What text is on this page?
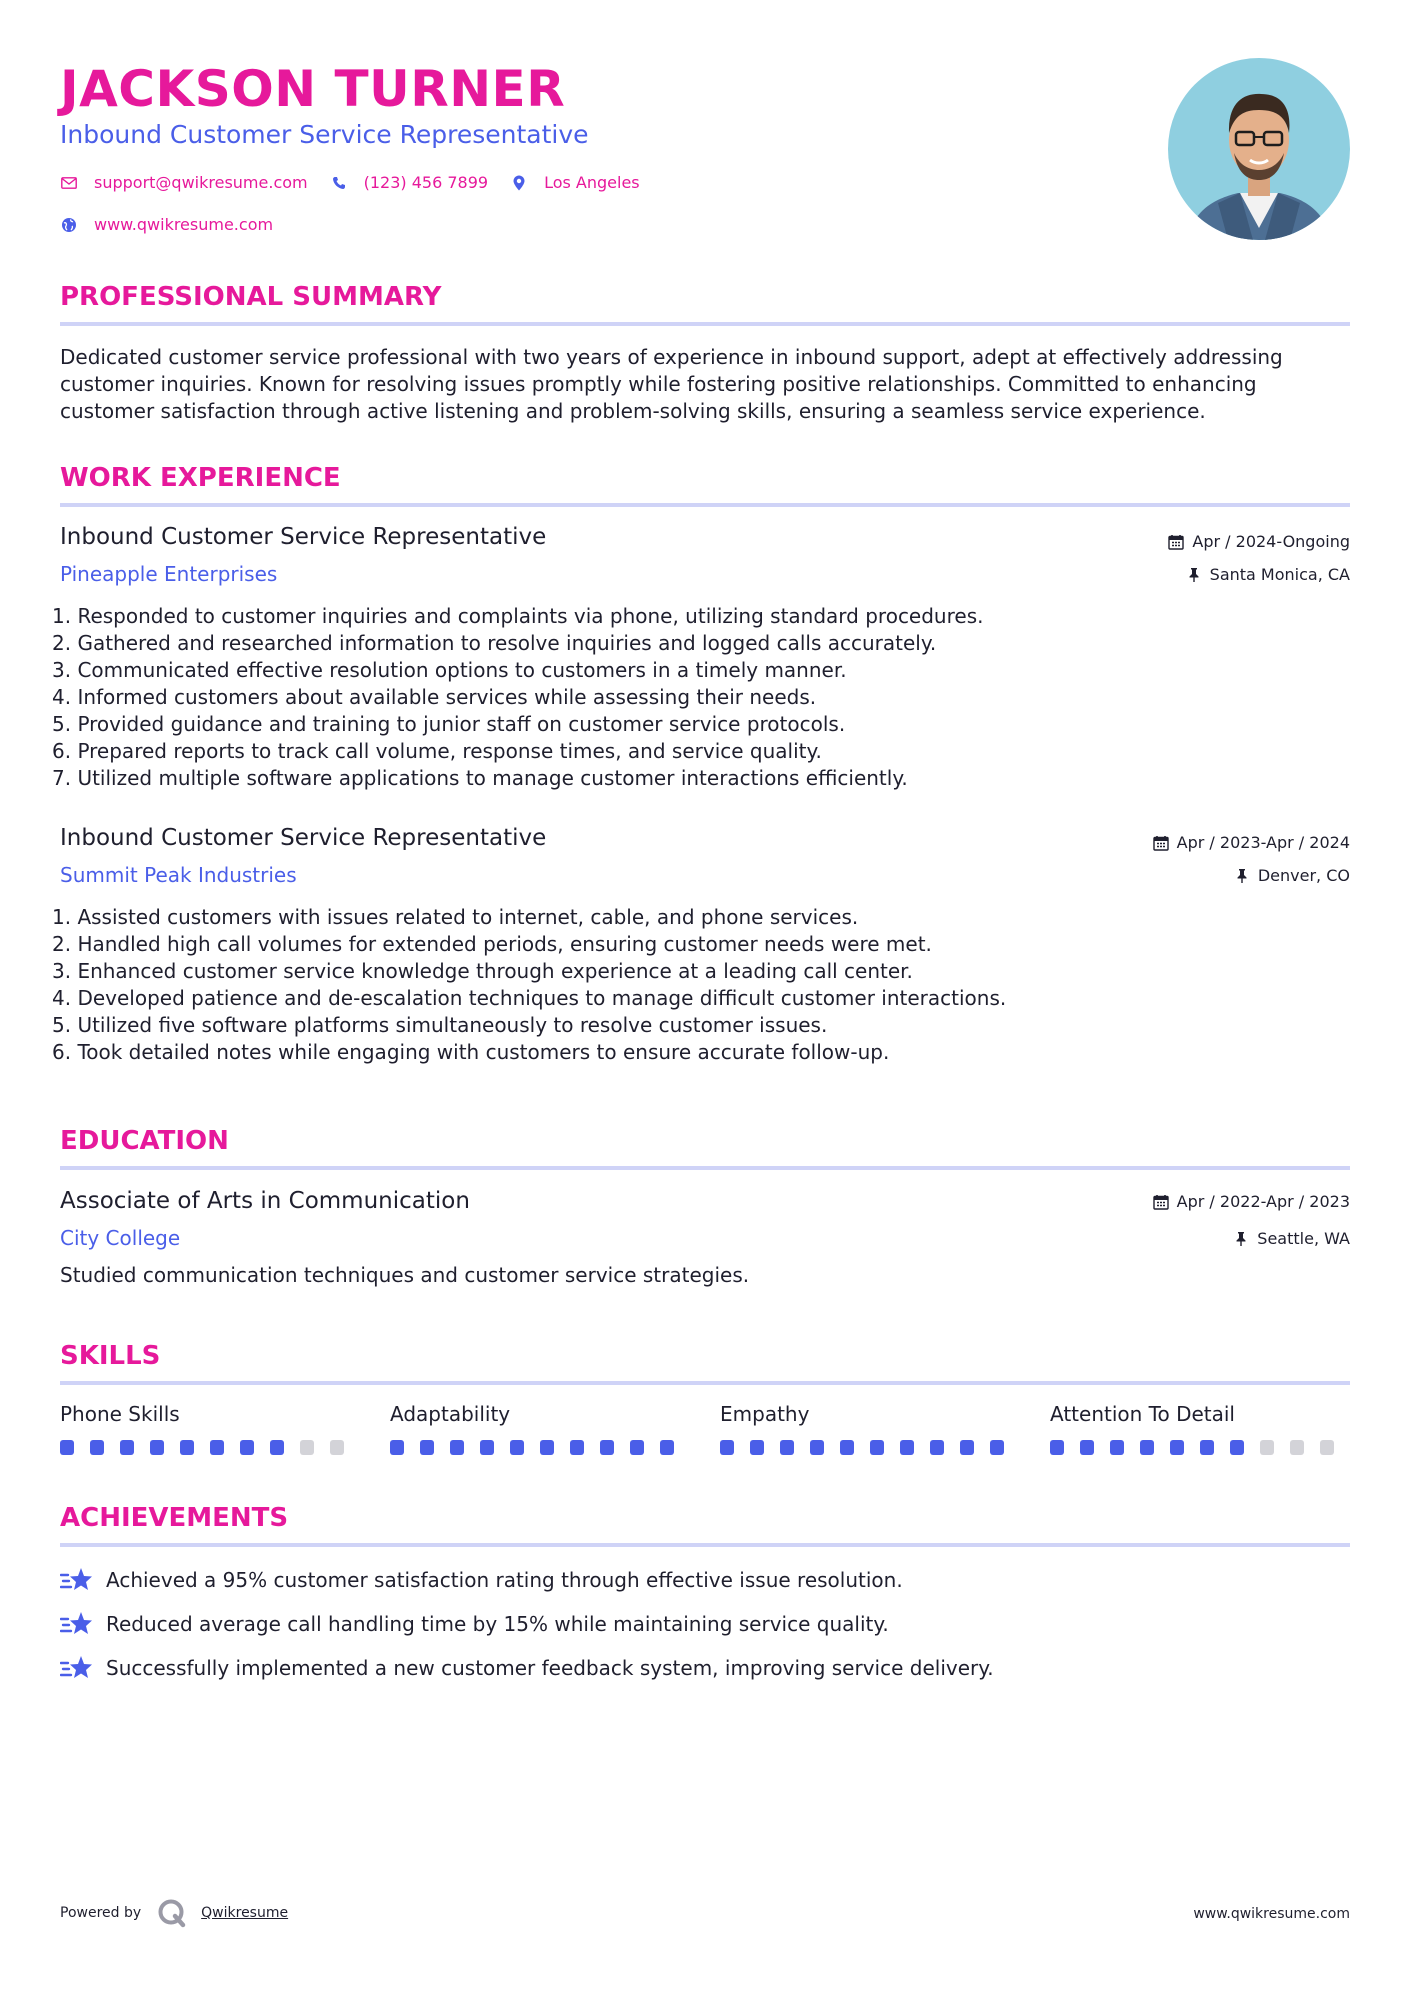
JACKSON TURNER
Inbound Customer Service Representative
support@qwikresume.com	(123) 456 7899	Los Angeles
www.qwikresume.com
PROFESSIONAL SUMMARY
Dedicated customer service professional with two years of experience in inbound support, adept at effectively addressing
customer inquiries. Known for resolving issues promptly while fostering positive relationships. Committed to enhancing
customer satisfaction through active listening and problem-solving skills, ensuring a seamless service experience.
WORK EXPERIENCE
Inbound Customer Service Representative
Pineapple Enterprises
Apr / 2024-Ongoing
Santa Monica, CA
1. Responded to customer inquiries and complaints via phone, utilizing standard procedures.
2. Gathered and researched information to resolve inquiries and logged calls accurately.
3. Communicated effective resolution options to customers in a timely manner.
4. Informed customers about available services while assessing their needs.
5. Provided guidance and training to junior staff on customer service protocols.
6. Prepared reports to track call volume, response times, and service quality.
7. Utilized multiple software applications to manage customer interactions efficiently.
Inbound Customer Service Representative
Summit Peak Industries
Apr / 2023-Apr / 2024
Denver, CO
1. Assisted customers with issues related to internet, cable, and phone services.
2. Handled high call volumes for extended periods, ensuring customer needs were met.
3. Enhanced customer service knowledge through experience at a leading call center.
4. Developed patience and de-escalation techniques to manage difficult customer interactions.
5. Utilized five software platforms simultaneously to resolve customer issues.
6. Took detailed notes while engaging with customers to ensure accurate follow-up.
EDUCATION
Associate of Arts in Communication
City College
Apr / 2022-Apr / 2023
Seattle, WA
Studied communication techniques and customer service strategies.
SKILLS
Phone Skills	Adaptability	Empathy	Attention To Detail
ACHIEVEMENTS
Achieved a 95% customer satisfaction rating through effective issue resolution.
Reduced average call handling time by 15% while maintaining service quality.
Successfully implemented a new customer feedback system, improving service delivery.
Powered by	Qwikresume	www.qwikresume.com
